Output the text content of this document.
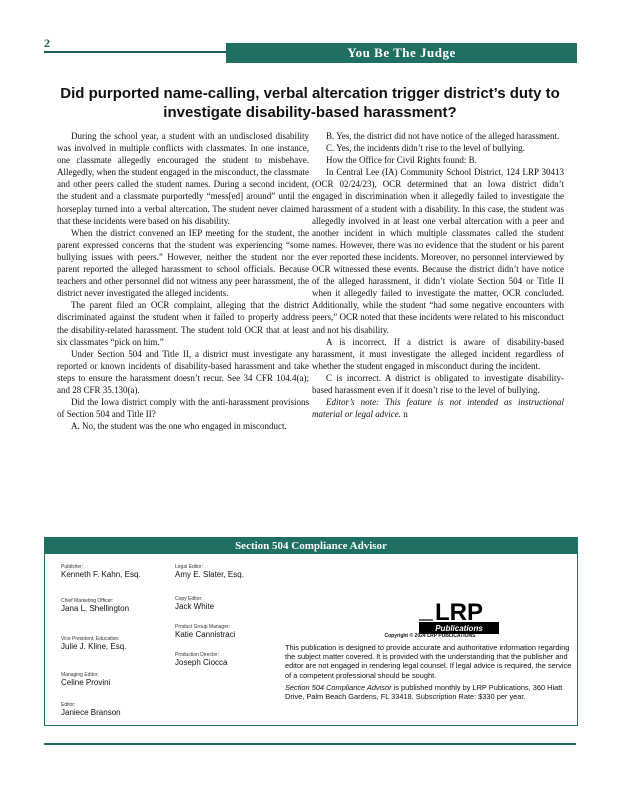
2
You Be The Judge
Did purported name-calling, verbal altercation trigger district’s duty to investigate disability-based harassment?

During the school year, a student with an undisclosed disability was involved in multiple conflicts with classmates. In one instance, one classmate allegedly encouraged the student to misbehave. Allegedly, when the student engaged in the misconduct, the classmate and other peers called the student names. During a second incident, the student and a classmate purportedly “mess[ed] around” until the horseplay turned into a verbal altercation. The student never claimed that these incidents were based on his disability.

When the district convened an IEP meeting for the student, the parent expressed concerns that the student was experiencing “some bullying issues with peers.” However, neither the student nor the parent reported the alleged harassment to school officials. Because teachers and other personnel did not witness any peer harassment, the district never investigated the alleged incidents.

The parent filed an OCR complaint, alleging that the district discriminated against the student when it failed to properly address the disability-related harassment. The student told OCR that at least six classmates “pick on him.”

Under Section 504 and Title II, a district must investigate any reported or known incidents of disability-based harassment and take steps to ensure the harassment doesn’t recur. See 34 CFR 104.4(a); and 28 CFR 35.130(a).

Did the Iowa district comply with the anti-harassment provisions of Section 504 and Title II?

A. No, the student was the one who engaged in misconduct.

B. Yes, the district did not have notice of the alleged harassment.

C. Yes, the incidents didn’t rise to the level of bullying.

How the Office for Civil Rights found: B.

In Central Lee (IA) Community School District, 124 LRP 30413 (OCR 02/24/23), OCR determined that an Iowa district didn’t engaged in discrimination when it allegedly failed to investigate the harassment of a student with a disability. In this case, the student was allegedly involved in at least one verbal altercation with a peer and another incident in which multiple classmates called the student names. However, there was no evidence that the student or his parent ever reported these incidents. Moreover, no personnel interviewed by OCR witnessed these events. Because the district didn’t have notice of the alleged harassment, it didn’t violate Section 504 or Title II when it allegedly failed to investigate the matter, OCR concluded. Additionally, while the student “had some negative encounters with peers,” OCR noted that these incidents were related to his misconduct and not his disability.

A is incorrect. If a district is aware of disability-based harassment, it must investigate the alleged incident regardless of whether the student engaged in misconduct during the incident.

C is incorrect. A district is obligated to investigate disability-based harassment even if it doesn’t rise to the level of bullying.

Editor’s note: This feature is not intended as instructional material or legal advice. n

Section 504 Compliance Advisor
Publisher:
Kenneth F. Kahn, Esq.
Chief Marketing Officer:
Jana L. Shellington
Vice President, Education:
Julie J. Kline, Esq.
Managing Editor:
Celine Provini
Editor:
Janiece Branson
Legal Editor:
Amy E. Slater, Esq.
Copy Editor:
Jack White
Product Group Manager:
Katie Cannistraci
Production Director:
Joseph Ciocca
LRP
Publications
Copyright © 2024 LRP PUBLICATIONS
This publication is designed to provide accurate and authoritative information regarding the subject matter covered. It is provided with the understanding that the publisher and editor are not engaged in rendering legal counsel. If legal advice is required, the service of a competent professional should be sought.
Section 504 Compliance Advisor is published monthly by LRP Publications, 360 Hiatt Drive, Palm Beach Gardens, FL 33418. Subscription Rate: $330 per year.
